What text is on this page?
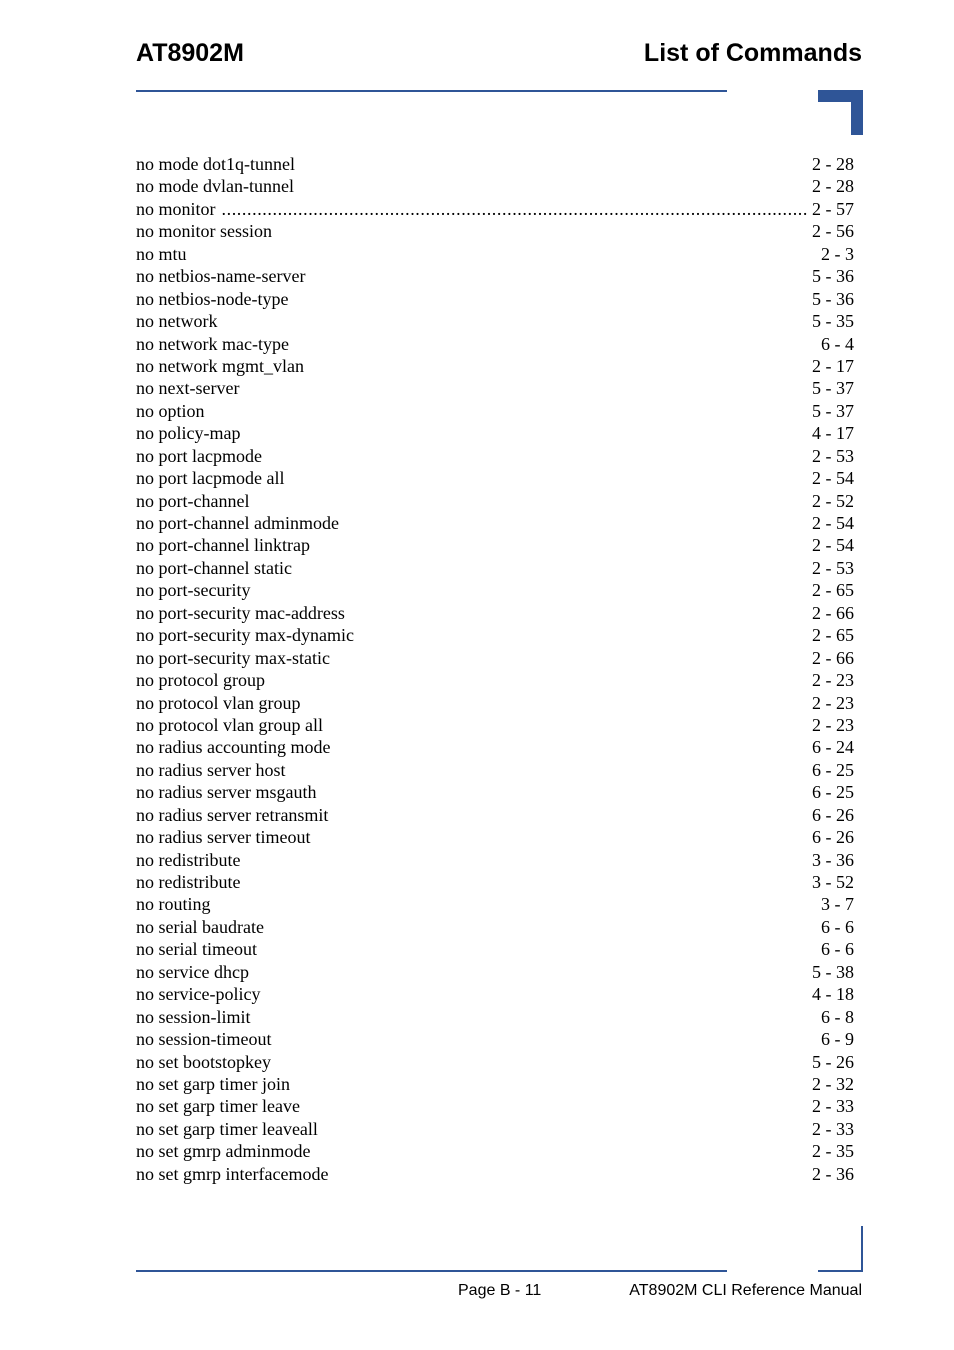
AT8902M	List of Commands
no mode dot1q-tunnel	2 - 28
no mode dvlan-tunnel	2 - 28
no monitor
.....	2 - 57
no monitor session	2 - 56
no mtu	2 - 3
no netbios-name-server	5 - 36
no netbios-node-type	5 - 36
no network	5 - 35
no network mac-type	6 - 4
no network mgmt_vlan	2 - 17
no next-server	5 - 37
no option	5 - 37
no policy-map	4 - 17
no port lacpmode	2 - 53
no port lacpmode all	2 - 54
no port-channel	2 - 52
no port-channel adminmode	2 - 54
no port-channel linktrap	2 - 54
no port-channel static	2 - 53
no port-security	2 - 65
no port-security mac-address	2 - 66
no port-security max-dynamic	2 - 65
no port-security max-static	2 - 66
no protocol group	2 - 23
no protocol vlan group	2 - 23
no protocol vlan group all	2 - 23
no radius accounting mode	6 - 24
no radius server host	6 - 25
no radius server msgauth	6 - 25
no radius server retransmit	6 - 26
no radius server timeout	6 - 26
no redistribute	3 - 36
no redistribute	3 - 52
no routing	3 - 7
no serial baudrate	6 - 6
no serial timeout	6 - 6
no service dhcp	5 - 38
no service-policy	4 - 18
no session-limit	6 - 8
no session-timeout	6 - 9
no set bootstopkey	5 - 26
no set garp timer join	2 - 32
no set garp timer leave	2 - 33
no set garp timer leaveall	2 - 33
no set gmrp adminmode	2 - 35
no set gmrp interfacemode	2 - 36
Page B - 11	AT8902M CLI Reference Manual
